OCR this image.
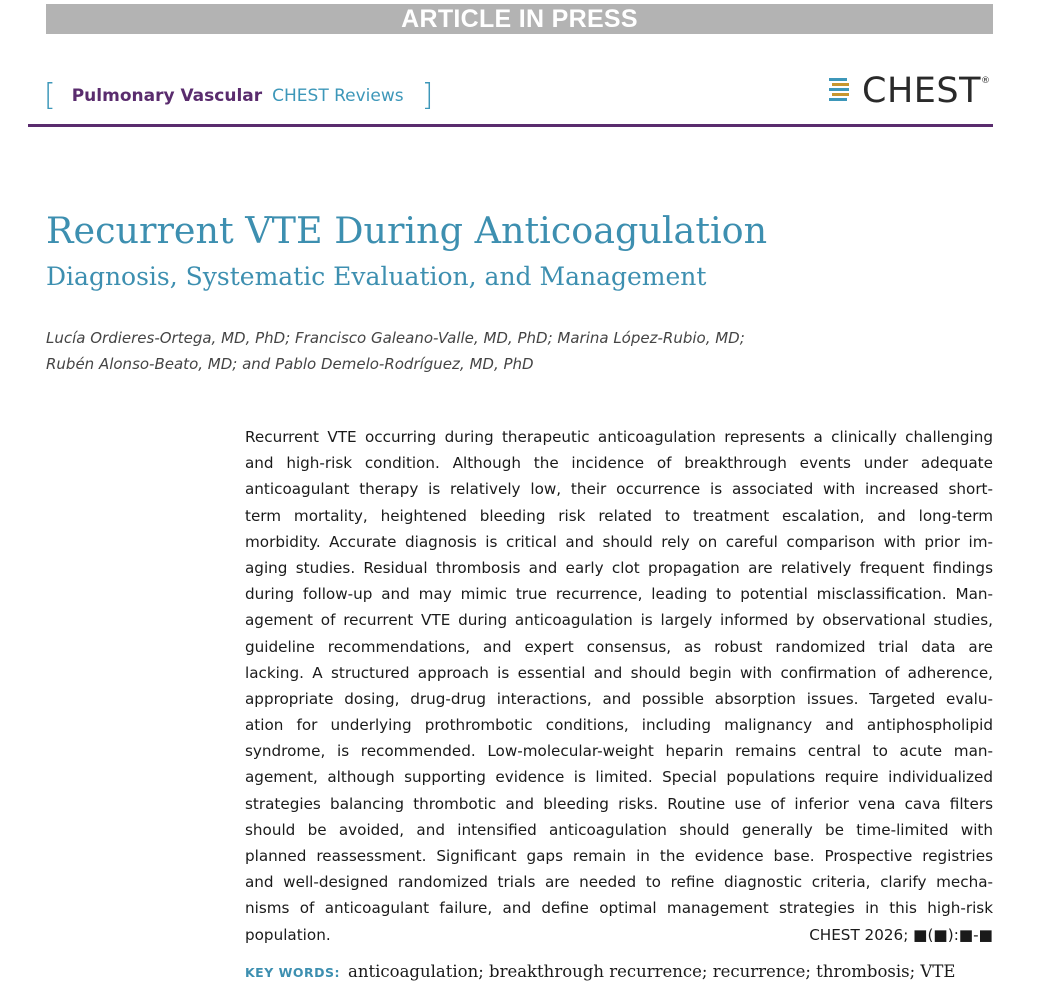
ARTICLE IN PRESS
[ Pulmonary Vascular CHEST Reviews ]	CHEST ®
Recurrent VTE During Anticoagulation
Diagnosis, Systematic Evaluation, and Management
Lucía Ordieres-Ortega, MD, PhD; Francisco Galeano-Valle, MD, PhD; Marina López-Rubio, MD;
Rubén Alonso-Beato, MD; and Pablo Demelo-Rodríguez, MD, PhD
Recurrent VTE occurring during therapeutic anticoagulation represents a clinically challenging
and high-risk condition. Although the incidence of breakthrough events under adequate
anticoagulant therapy is relatively low, their occurrence is associated with increased short-
term mortality, heightened bleeding risk related to treatment escalation, and long-term
morbidity. Accurate diagnosis is critical and should rely on careful comparison with prior im-
aging studies. Residual thrombosis and early clot propagation are relatively frequent findings
during follow-up and may mimic true recurrence, leading to potential misclassification. Man-
agement of recurrent VTE during anticoagulation is largely informed by observational studies,
guideline recommendations, and expert consensus, as robust randomized trial data are
lacking. A structured approach is essential and should begin with confirmation of adherence,
appropriate dosing, drug-drug interactions, and possible absorption issues. Targeted evalu-
ation for underlying prothrombotic conditions, including malignancy and antiphospholipid
syndrome, is recommended. Low-molecular-weight heparin remains central to acute man-
agement, although supporting evidence is limited. Special populations require individualized
strategies balancing thrombotic and bleeding risks. Routine use of inferior vena cava filters
should be avoided, and intensified anticoagulation should generally be time-limited with
planned reassessment. Significant gaps remain in the evidence base. Prospective registries
and well-designed randomized trials are needed to refine diagnostic criteria, clarify mecha-
nisms of anticoagulant failure, and define optimal management strategies in this high-risk
population.	CHEST 2026; ■(■):■-■
KEY WORDS: anticoagulation; breakthrough recurrence; recurrence; thrombosis; VTE
